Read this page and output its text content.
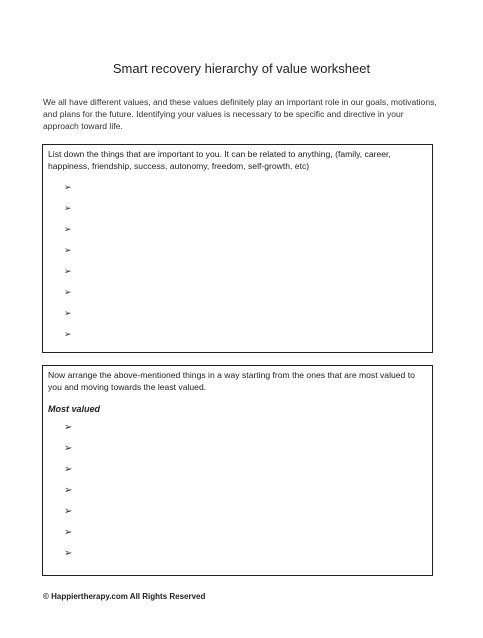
Smart recovery hierarchy of value worksheet
We all have different values, and these values definitely play an important role in our goals, motivations, and plans for the future. Identifying your values is necessary to be specific and directive in your approach toward life.
List down the things that are important to you. It can be related to anything, (family, career, happiness, friendship, success, autonomy, freedom, self-growth, etc)
➢
➢
➢
➢
➢
➢
➢
➢
Now arrange the above-mentioned things in a way starting from the ones that are most valued to you and moving towards the least valued.
Most valued
➢
➢
➢
➢
➢
➢
➢
© Happiertherapy.com All Rights Reserved
